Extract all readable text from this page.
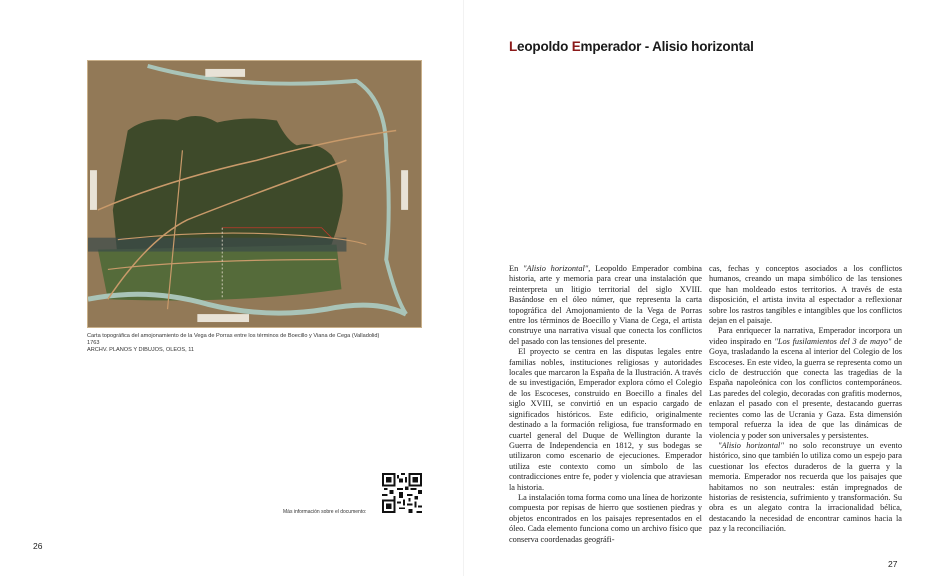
Carta topográfica del amojonamiento de la Vega de Porras entre los términos de Boecillo y Viana de Cega (Valladolid)
1763
ARCHV. PLANOS Y DIBUJOS, OLEOS, 11
Más información sobre el documento:
26
Leopoldo Emperador - Alisio horizontal

En "Alisio horizontal", Leopoldo Emperador combina historia, arte y memoria para crear una instalación que reinterpreta un litigio territorial del siglo XVIII. Basándose en el óleo númer, que representa la carta topográfica del Amojonamiento de la Vega de Porras entre los términos de Boecillo y Viana de Cega, el artista construye una narrativa visual que conecta los conflictos del pasado con las tensiones del presente.

El proyecto se centra en las disputas legales entre familias nobles, instituciones religiosas y autoridades locales que marcaron la España de la Ilustración. A través de su investigación, Emperador explora cómo el Colegio de los Escoceses, construido en Boecillo a finales del siglo XVIII, se convirtió en un espacio cargado de significados históricos. Este edificio, originalmente destinado a la formación religiosa, fue transformado en cuartel general del Duque de Wellington durante la Guerra de Independencia en 1812, y sus bodegas se utilizaron como escenario de ejecuciones. Emperador utiliza este contexto como un símbolo de las contradicciones entre fe, poder y violencia que atraviesan la historia.

La instalación toma forma como una línea de horizonte compuesta por repisas de hierro que sostienen piedras y objetos encontrados en los paisajes representados en el óleo. Cada elemento funciona como un archivo físico que conserva coordenadas geográfi-

cas, fechas y conceptos asociados a los conflictos humanos, creando un mapa simbólico de las tensiones que han moldeado estos territorios. A través de esta disposición, el artista invita al espectador a reflexionar sobre los rastros tangibles e intangibles que los conflictos dejan en el paisaje.

Para enriquecer la narrativa, Emperador incorpora un video inspirado en "Los fusilamientos del 3 de mayo" de Goya, trasladando la escena al interior del Colegio de los Escoceses. En este video, la guerra se representa como un ciclo de destrucción que conecta las tragedias de la España napoleónica con los conflictos contemporáneos. Las paredes del colegio, decoradas con grafitis modernos, enlazan el pasado con el presente, destacando guerras recientes como las de Ucrania y Gaza. Esta dimensión temporal refuerza la idea de que las dinámicas de violencia y poder son universales y persistentes.

"Alisio horizontal" no solo reconstruye un evento histórico, sino que también lo utiliza como un espejo para cuestionar los efectos duraderos de la guerra y la memoria. Emperador nos recuerda que los paisajes que habitamos no son neutrales: están impregnados de historias de resistencia, sufrimiento y transformación. Su obra es un alegato contra la irracionalidad bélica, destacando la necesidad de encontrar caminos hacia la paz y la reconciliación.

27
